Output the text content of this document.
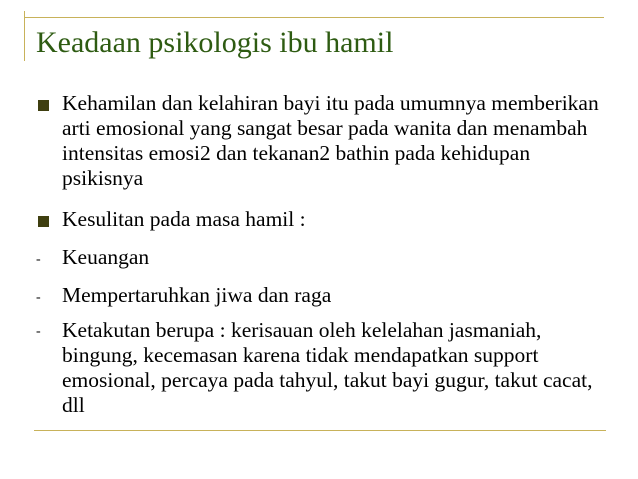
Keadaan psikologis ibu hamil
Kehamilan dan kelahiran bayi itu pada umumnya memberikan arti emosional yang sangat besar pada wanita dan menambah intensitas emosi2 dan tekanan2 bathin pada kehidupan psikisnya
Kesulitan pada masa hamil :
- Keuangan
- Mempertaruhkan jiwa dan raga
- Ketakutan berupa : kerisauan oleh kelelahan jasmaniah, bingung, kecemasan karena tidak mendapatkan support emosional, percaya pada tahyul, takut bayi gugur, takut cacat, dll
